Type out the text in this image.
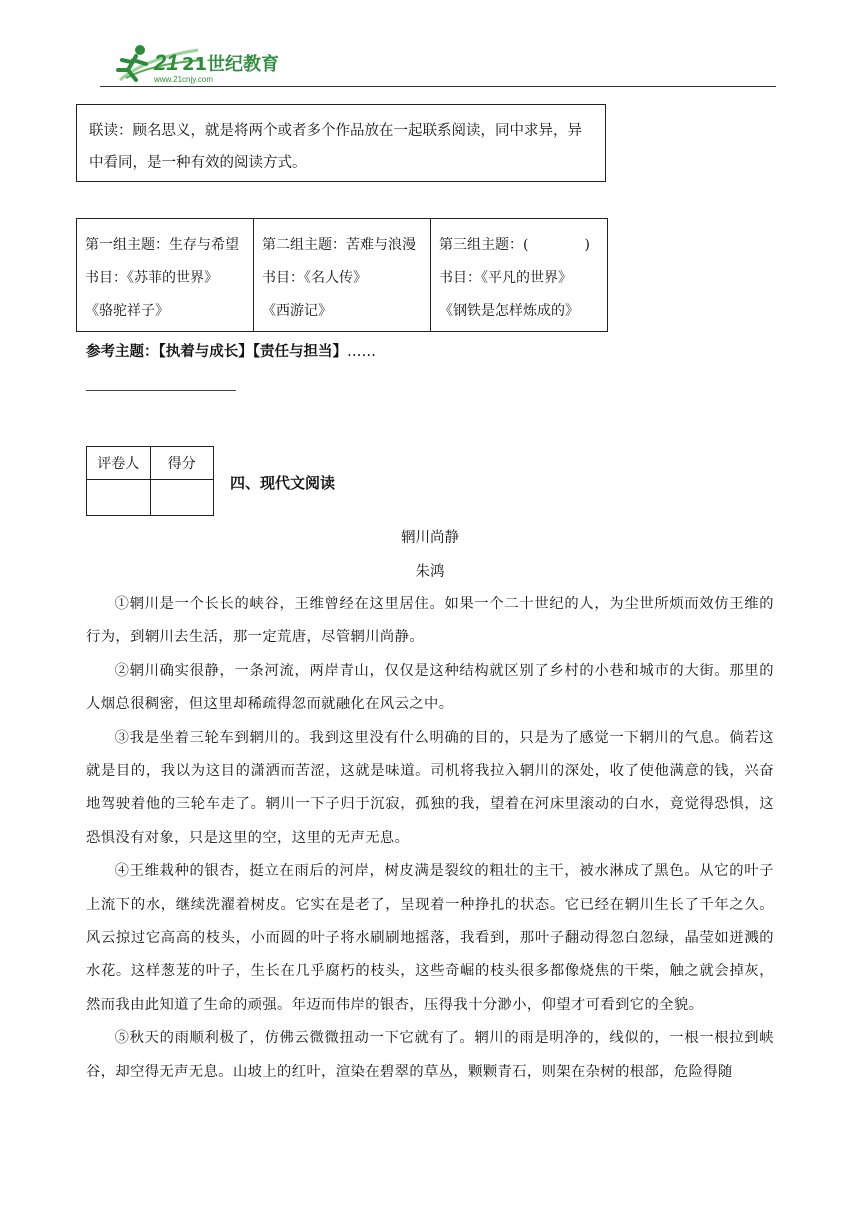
21 21世纪教育
www.21cnjy.com
联读：顾名思义，就是将两个或者多个作品放在一起联系阅读，同中求异，异中看同，是一种有效的阅读方式。
第一组主题：生存与希望
书目：《苏菲的世界》
《骆驼祥子》

第二组主题：苦难与浪漫
书目：《名人传》
《西游记》

第三组主题：(	)
书目：《平凡的世界》
《钢铁是怎样炼成的》
参考主题：【执着与成长】【责任与担当】……
评卷人	得分

四、现代文阅读
辋川尚静
朱鸿

①辋川是一个长长的峡谷，王维曾经在这里居住。如果一个二十世纪的人，为尘世所烦而效仿王维的行为，到辋川去生活，那一定荒唐，尽管辋川尚静。

②辋川确实很静，一条河流，两岸青山，仅仅是这种结构就区别了乡村的小巷和城市的大街。那里的人烟总很稠密，但这里却稀疏得忽而就融化在风云之中。

③我是坐着三轮车到辋川的。我到这里没有什么明确的目的，只是为了感觉一下辋川的气息。倘若这就是目的，我以为这目的潇洒而苦涩，这就是味道。司机将我拉入辋川的深处，收了使他满意的钱，兴奋地驾驶着他的三轮车走了。辋川一下子归于沉寂，孤独的我，望着在河床里滚动的白水，竟觉得恐惧，这恐惧没有对象，只是这里的空，这里的无声无息。

④王维栽种的银杏，挺立在雨后的河岸，树皮满是裂纹的粗壮的主干，被水淋成了黑色。从它的叶子上流下的水，继续洗濯着树皮。它实在是老了，呈现着一种挣扎的状态。它已经在辋川生长了千年之久。风云掠过它高高的枝头，小而圆的叶子将水刷刷地摇落，我看到，那叶子翻动得忽白忽绿，晶莹如迸溅的水花。这样葱茏的叶子，生长在几乎腐朽的枝头，这些奇崛的枝头很多都像烧焦的干柴，触之就会掉灰，然而我由此知道了生命的顽强。年迈而伟岸的银杏，压得我十分渺小，仰望才可看到它的全貌。

⑤秋天的雨顺利极了，仿佛云微微扭动一下它就有了。辋川的雨是明净的，线似的，一根一根拉到峡谷，却空得无声无息。山坡上的红叶，渲染在碧翠的草丛，颗颗青石，则架在杂树的根部，危险得随
